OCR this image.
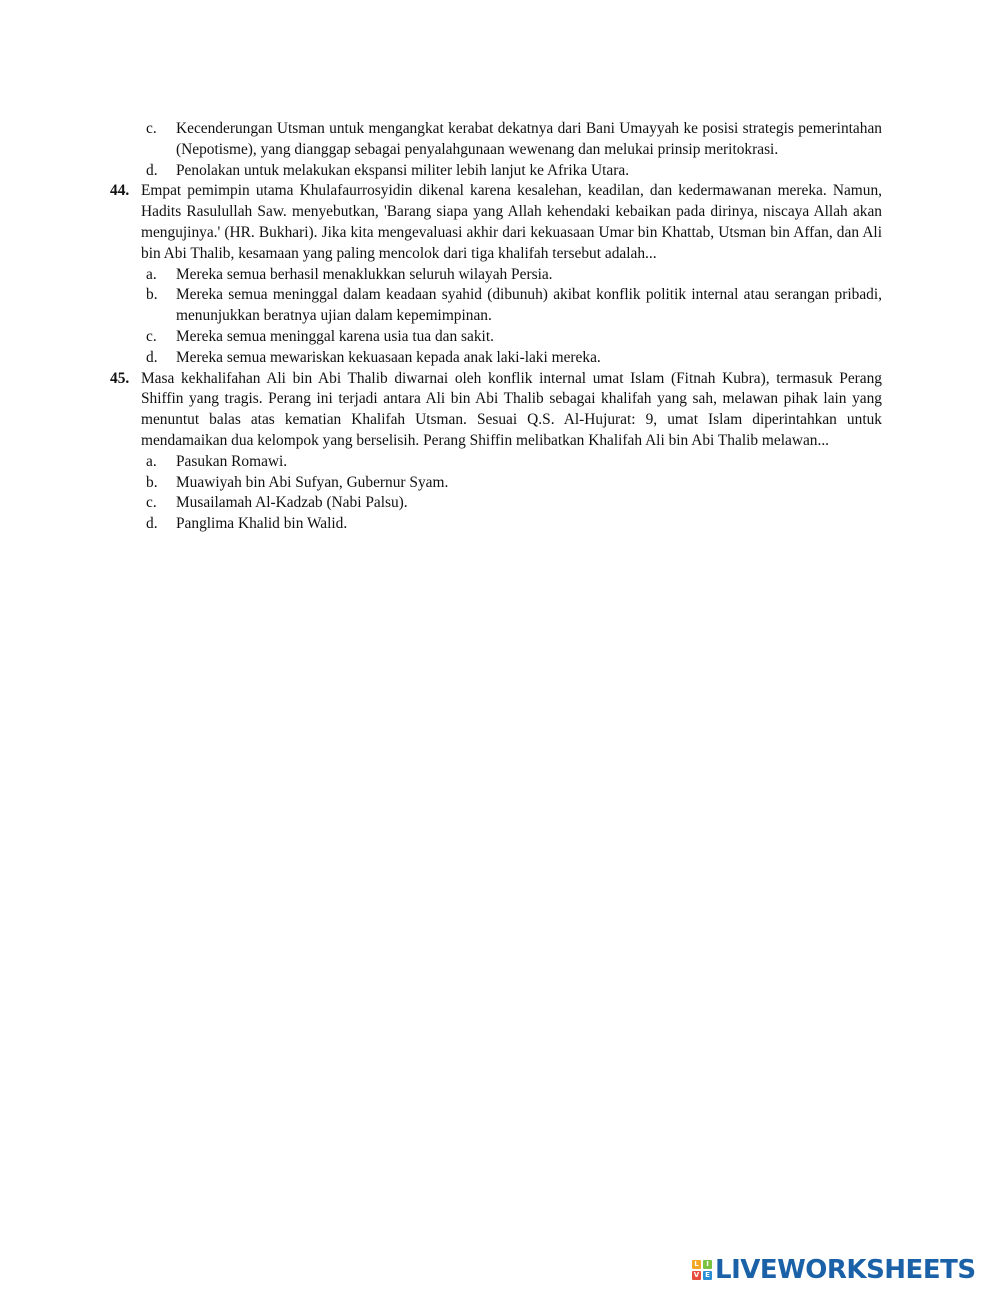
c. Kecenderungan Utsman untuk mengangkat kerabat dekatnya dari Bani Umayyah ke posisi strategis pemerintahan (Nepotisme), yang dianggap sebagai penyalahgunaan wewenang dan melukai prinsip meritokrasi.
d. Penolakan untuk melakukan ekspansi militer lebih lanjut ke Afrika Utara.
44. Empat pemimpin utama Khulafaurrosyidin dikenal karena kesalehan, keadilan, dan kedermawanan mereka. Namun, Hadits Rasulullah Saw. menyebutkan, 'Barang siapa yang Allah kehendaki kebaikan pada dirinya, niscaya Allah akan mengujinya.' (HR. Bukhari). Jika kita mengevaluasi akhir dari kekuasaan Umar bin Khattab, Utsman bin Affan, dan Ali bin Abi Thalib, kesamaan yang paling mencolok dari tiga khalifah tersebut adalah...
a. Mereka semua berhasil menaklukkan seluruh wilayah Persia.
b. Mereka semua meninggal dalam keadaan syahid (dibunuh) akibat konflik politik internal atau serangan pribadi, menunjukkan beratnya ujian dalam kepemimpinan.
c. Mereka semua meninggal karena usia tua dan sakit.
d. Mereka semua mewariskan kekuasaan kepada anak laki-laki mereka.
45. Masa kekhalifahan Ali bin Abi Thalib diwarnai oleh konflik internal umat Islam (Fitnah Kubra), termasuk Perang Shiffin yang tragis. Perang ini terjadi antara Ali bin Abi Thalib sebagai khalifah yang sah, melawan pihak lain yang menuntut balas atas kematian Khalifah Utsman. Sesuai Q.S. Al-Hujurat: 9, umat Islam diperintahkan untuk mendamaikan dua kelompok yang berselisih. Perang Shiffin melibatkan Khalifah Ali bin Abi Thalib melawan...
a. Pasukan Romawi.
b. Muawiyah bin Abi Sufyan, Gubernur Syam.
c. Musailamah Al-Kadzab (Nabi Palsu).
d. Panglima Khalid bin Walid.
L	I
V E LIVEWORKSHEETS
